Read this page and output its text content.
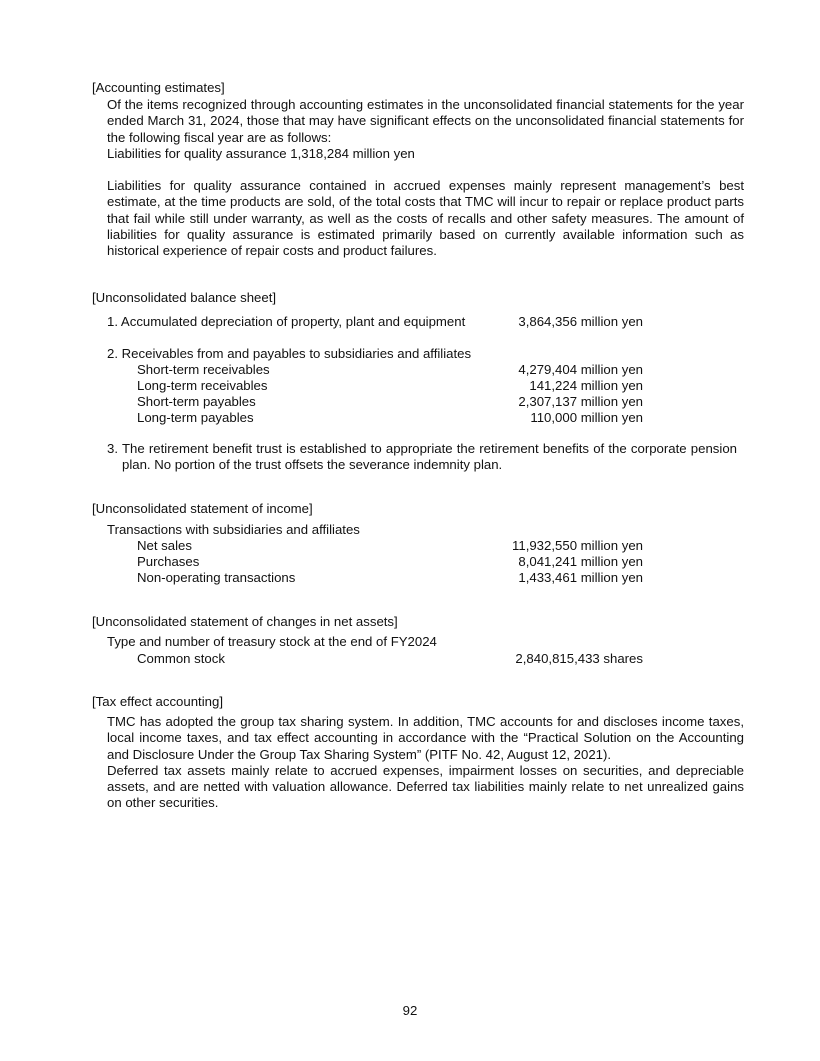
[Accounting estimates]

Of the items recognized through accounting estimates in the unconsolidated financial statements for the year ended March 31, 2024, those that may have significant effects on the unconsolidated financial statements for the following fiscal year are as follows:

Liabilities for quality assurance 1,318,284 million yen

Liabilities for quality assurance contained in accrued expenses mainly represent management’s best estimate, at the time products are sold, of the total costs that TMC will incur to repair or replace product parts that fail while still under warranty, as well as the costs of recalls and other safety measures. The amount of liabilities for quality assurance is estimated primarily based on currently available information such as historical experience of repair costs and product failures.

[Unconsolidated balance sheet]
1. Accumulated depreciation of property, plant and equipment	3,864,356 million yen
2. Receivables from and payables to subsidiaries and affiliates
Short-term receivables	4,279,404 million yen
Long-term receivables	141,224 million yen
Short-term payables	2,307,137 million yen
Long-term payables	110,000 million yen
3. The retirement benefit trust is established to appropriate the retirement benefits of the corporate pension plan. No portion of the trust offsets the severance indemnity plan.
[Unconsolidated statement of income]
Transactions with subsidiaries and affiliates
Net sales	11,932,550 million yen
Purchases	8,041,241 million yen
Non-operating transactions	1,433,461 million yen
[Unconsolidated statement of changes in net assets]
Type and number of treasury stock at the end of FY2024
Common stock	2,840,815,433 shares
[Tax effect accounting]

TMC has adopted the group tax sharing system. In addition, TMC accounts for and discloses income taxes, local income taxes, and tax effect accounting in accordance with the “Practical Solution on the Accounting and Disclosure Under the Group Tax Sharing System” (PITF No. 42, August 12, 2021).

Deferred tax assets mainly relate to accrued expenses, impairment losses on securities, and depreciable assets, and are netted with valuation allowance. Deferred tax liabilities mainly relate to net unrealized gains on other securities.

92
